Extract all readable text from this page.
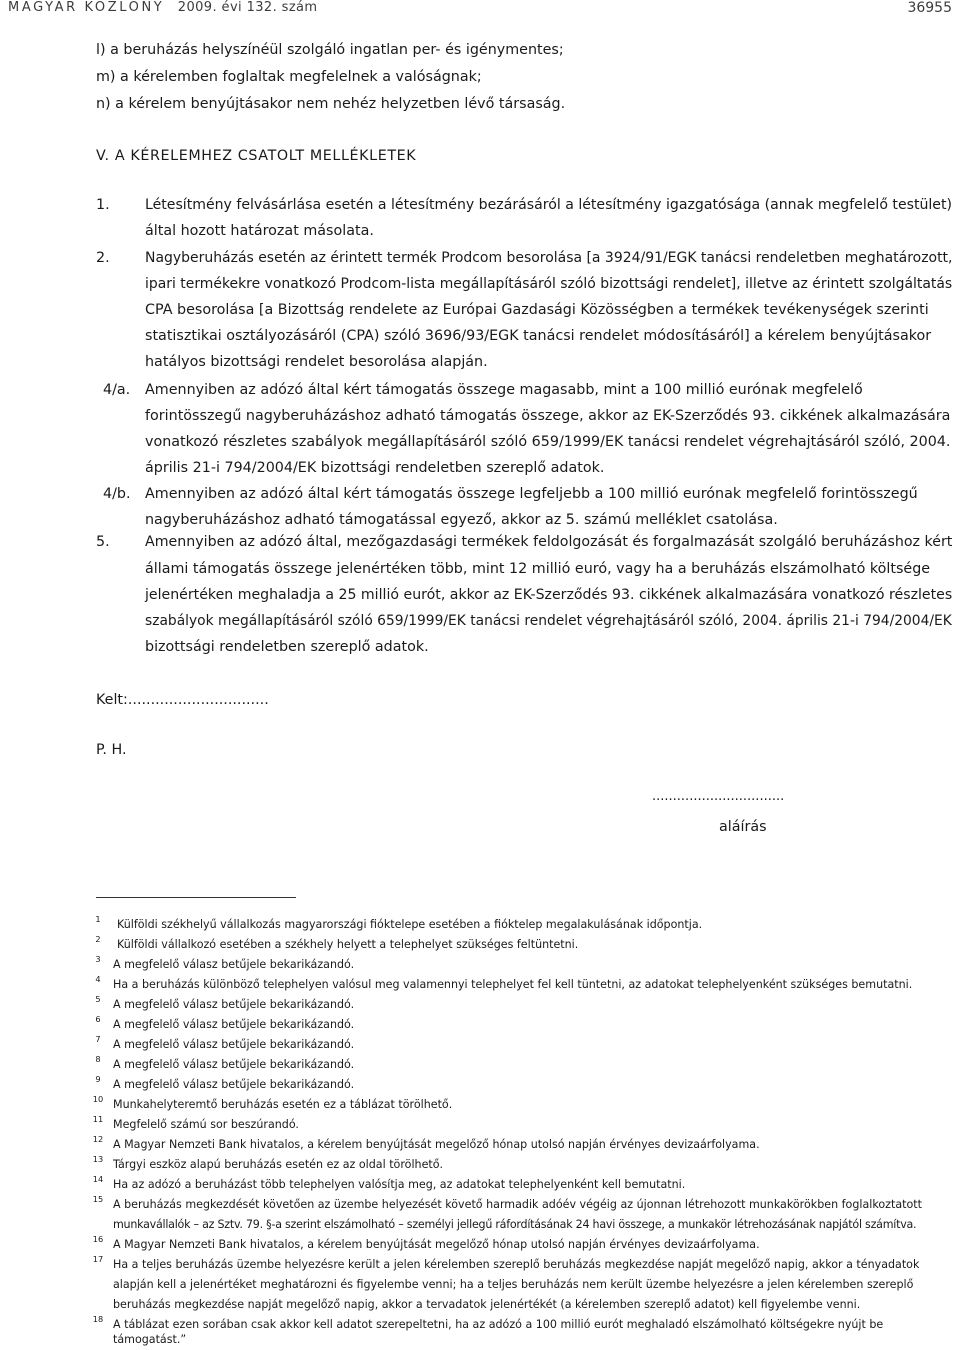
MAGYAR KÖZLÖNY 2009. évi 132. szám	36955
l) a beruházás helyszínéül szolgáló ingatlan per- és igénymentes;
m) a kérelemben foglaltak megfelelnek a valóságnak;
n) a kérelem benyújtásakor nem nehéz helyzetben lévő társaság.
V. A KÉRELEMHEZ CSATOLT MELLÉKLETEK
1. Létesítmény felvásárlása esetén a létesítmény bezárásáról a létesítmény igazgatósága (annak megfelelő testület)
által hozott határozat másolata.
2. Nagyberuházás esetén az érintett termék Prodcom besorolása [a 3924/91/EGK tanácsi rendeletben meghatározott,
ipari termékekre vonatkozó Prodcom-lista megállapításáról szóló bizottsági rendelet], illetve az érintett szolgáltatás
CPA besorolása [a Bizottság rendelete az Európai Gazdasági Közösségben a termékek tevékenységek szerinti
statisztikai osztályozásáról (CPA) szóló 3696/93/EGK tanácsi rendelet módosításáról] a kérelem benyújtásakor
hatályos bizottsági rendelet besorolása alapján.
4/a. Amennyiben az adózó által kért támogatás összege magasabb, mint a 100 millió eurónak megfelelő
forintösszegű nagyberuházáshoz adható támogatás összege, akkor az EK-Szerződés 93. cikkének alkalmazására
vonatkozó részletes szabályok megállapításáról szóló 659/1999/EK tanácsi rendelet végrehajtásáról szóló, 2004.
április 21-i 794/2004/EK bizottsági rendeletben szereplő adatok.
4/b. Amennyiben az adózó által kért támogatás összege legfeljebb a 100 millió eurónak megfelelő forintösszegű
nagyberuházáshoz adható támogatással egyező, akkor az 5. számú melléklet csatolása.
5. Amennyiben az adózó által, mezőgazdasági termékek feldolgozását és forgalmazását szolgáló beruházáshoz kért
állami támogatás összege jelenértéken több, mint 12 millió euró, vagy ha a beruházás elszámolható költsége
jelenértéken meghaladja a 25 millió eurót, akkor az EK-Szerződés 93. cikkének alkalmazására vonatkozó részletes
szabályok megállapításáról szóló 659/1999/EK tanácsi rendelet végrehajtásáról szóló, 2004. április 21-i 794/2004/EK
bizottsági rendeletben szereplő adatok.
Kelt:...............................
P. H.
................................
aláírás
1	Külföldi székhelyű vállalkozás magyarországi fióktelepe esetében a fióktelep megalakulásának időpontja.
2	Külföldi vállalkozó esetében a székhely helyett a telephelyet szükséges feltüntetni.
3	A megfelelő válasz betűjele bekarikázandó.
4	Ha a beruházás különböző telephelyen valósul meg valamennyi telephelyet fel kell tüntetni, az adatokat telephelyenként szükséges bemutatni.
5	A megfelelő válasz betűjele bekarikázandó.
6	A megfelelő válasz betűjele bekarikázandó.
7	A megfelelő válasz betűjele bekarikázandó.
8	A megfelelő válasz betűjele bekarikázandó.
9	A megfelelő válasz betűjele bekarikázandó.
10 Munkahelyteremtő beruházás esetén ez a táblázat törölhető.
11 Megfelelő számú sor beszúrandó.
12 A Magyar Nemzeti Bank hivatalos, a kérelem benyújtását megelőző hónap utolsó napján érvényes devizaárfolyama.
13 Tárgyi eszköz alapú beruházás esetén ez az oldal törölhető.
14 Ha az adózó a beruházást több telephelyen valósítja meg, az adatokat telephelyenként kell bemutatni.
15 A beruházás megkezdését követően az üzembe helyezését követő harmadik adóév végéig az újonnan létrehozott munkakörökben foglalkoztatott
munkavállalók – az Sztv. 79. §-a szerint elszámolható – személyi jellegű ráfordításának 24 havi összege, a munkakör létrehozásának napjától számítva.
16 A Magyar Nemzeti Bank hivatalos, a kérelem benyújtását megelőző hónap utolsó napján érvényes devizaárfolyama.
17 Ha a teljes beruházás üzembe helyezésre került a jelen kérelemben szereplő beruházás megkezdése napját megelőző napig, akkor a tényadatok
alapján kell a jelenértéket meghatározni és figyelembe venni; ha a teljes beruházás nem került üzembe helyezésre a jelen kérelemben szereplő
beruházás megkezdése napját megelőző napig, akkor a tervadatok jelenértékét (a kérelemben szereplő adatot) kell figyelembe venni.
18 A táblázat ezen sorában csak akkor kell adatot szerepeltetni, ha az adózó a 100 millió eurót meghaladó elszámolható költségekre nyújt be
támogatást.”
